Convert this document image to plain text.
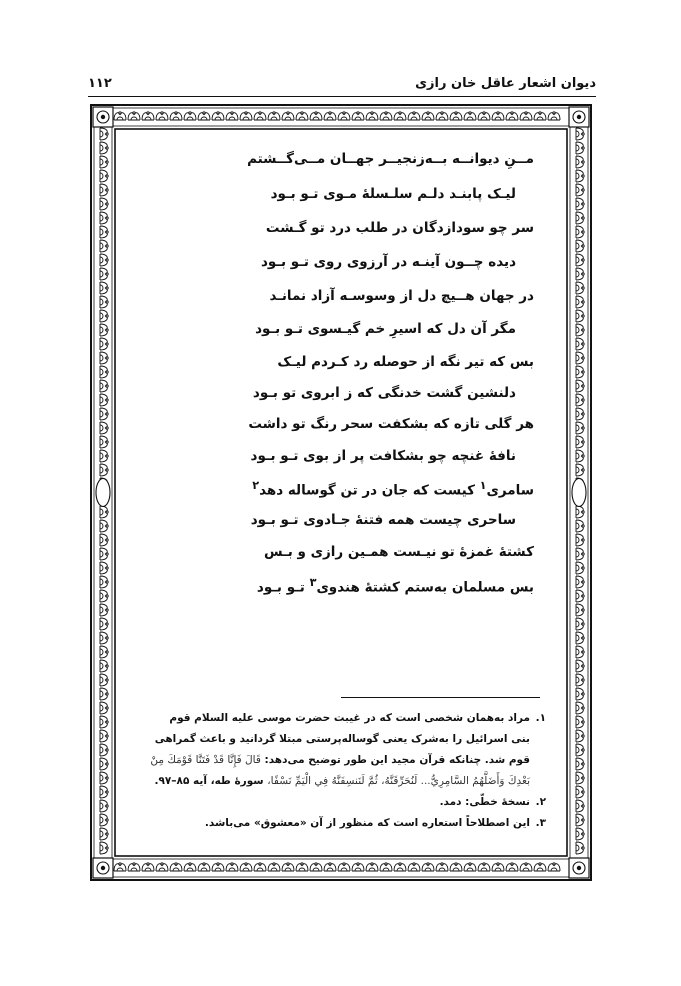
دیوان اشعار عاقل خان رازی
۱۱۲
مــنِ دیوانــه بــه‌زنجیــر جهــان مــی‌گــشتم
لیـک پابنـد دلـم سلـسلهٔ مـوی تـو بـود
سر چو سودازدگان در طلب درد تو گـشت
دیده چــون آینـه در آرزوی روی تـو بـود
در جهان هــیچ دل از وسوسـه آزاد نمانـد
مگر آن دل که اسیرِ خم گیـسوی تـو بـود
بس که تیر نگه از حوصله رد کـردم لیـک
دلنشین گشت خدنگی که ز ابروی تو بـود
هر گلی تازه که بشکفت سحر رنگ تو داشت
نافهٔ غنچه چو بشکافت پر از بوی تـو بـود
سامری$^۱$ کیست که جان در تن گوساله دهد$^۲$
ساحری چیست همه فتنهٔ جـادوی تـو بـود
کشتهٔ غمزهٔ تو نیـست همـین رازی و بـس
بس مسلمان به‌ستم کشتهٔ هندوی$^۳$ تـو بـود
۱.
مراد به‌همان شخصی است که در غیبت حضرت موسی علیه السلام قوم بنی اسرائیل را به‌شرک یعنی گوساله‌پرستی مبتلا گردانید و باعث گمراهی قوم شد. چنانکه قرآن مجید این طور توضیح می‌دهد: قَالَ فَإِنَّا قَدْ فَتَنَّا قَوْمَكَ مِنْ بَعْدِكَ وَأَضَلَّهُمُ السَّامِرِيُّ... لَنُحَرِّقَنَّهُ، ثُمَّ لَنَنسِفَنَّهُ فِي الْيَمِّ نَسْفًا، سورهٔ طه، آیه ۸۵–۹۷.
۲.
نسخهٔ خطّی: دمد.
۳.
این اصطلاحاً استعاره است که منظور از آن «معشوق» می‌باشد.
